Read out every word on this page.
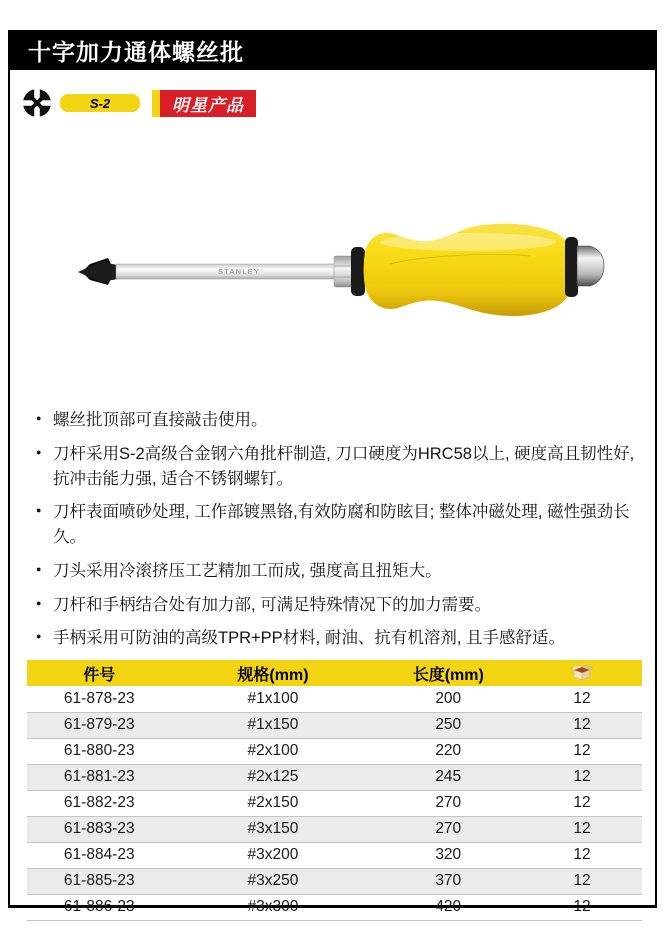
十字加力通体螺丝批
S-2	明星产品
STANLEY
● 螺丝批顶部可直接敲击使用。
● 刀杆采用S-2高级合金钢六角批杆制造, 刀口硬度为HRC58以上, 硬度高且韧性好, 抗冲击能力强, 适合不锈钢螺钉。
● 刀杆表面喷砂处理, 工作部镀黑铬,有效防腐和防眩目; 整体冲磁处理, 磁性强劲长久。
● 刀头采用冷滚挤压工艺精加工而成, 强度高且扭矩大。
● 刀杆和手柄结合处有加力部, 可满足特殊情况下的加力需要。
● 手柄采用可防油的高级TPR+PP材料, 耐油、抗有机溶剂, 且手感舒适。
件号	规格(mm)	长度(mm)	
61-878-23	#1x100	200	12
61-879-23	#1x150	250	12
61-880-23	#2x100	220	12
61-881-23	#2x125	245	12
61-882-23	#2x150	270	12
61-883-23	#3x150	270	12
61-884-23	#3x200	320	12
61-885-23	#3x250	370	12
61-886-23	#3x300	420	12
